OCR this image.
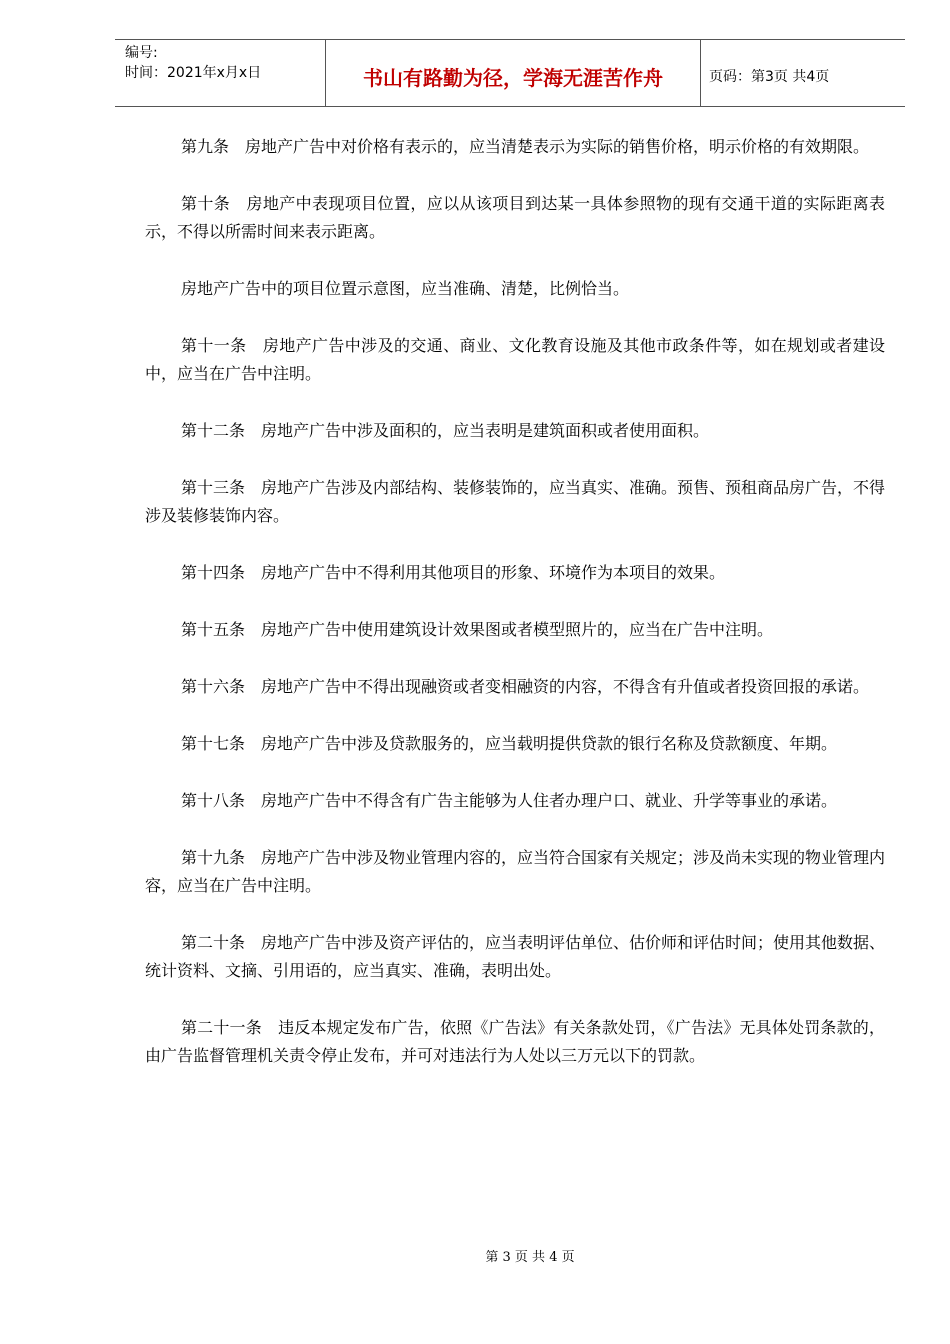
编号:
时间：2021年x月x日	书山有路勤为径，学海无涯苦作舟	页码：第3页 共4页

第九条　房地产广告中对价格有表示的，应当清楚表示为实际的销售价格，明示价格的有效期限。

第十条　房地产中表现项目位置，应以从该项目到达某一具体参照物的现有交通干道的实际距离表示，不得以所需时间来表示距离。

房地产广告中的项目位置示意图，应当准确、清楚，比例恰当。

第十一条　房地产广告中涉及的交通、商业、文化教育设施及其他市政条件等，如在规划或者建设中，应当在广告中注明。

第十二条　房地产广告中涉及面积的，应当表明是建筑面积或者使用面积。

第十三条　房地产广告涉及内部结构、装修装饰的，应当真实、准确。预售、预租商品房广告，不得涉及装修装饰内容。

第十四条　房地产广告中不得利用其他项目的形象、环境作为本项目的效果。

第十五条　房地产广告中使用建筑设计效果图或者模型照片的，应当在广告中注明。

第十六条　房地产广告中不得出现融资或者变相融资的内容，不得含有升值或者投资回报的承诺。

第十七条　房地产广告中涉及贷款服务的，应当载明提供贷款的银行名称及贷款额度、年期。

第十八条　房地产广告中不得含有广告主能够为人住者办理户口、就业、升学等事业的承诺。

第十九条　房地产广告中涉及物业管理内容的，应当符合国家有关规定；涉及尚未实现的物业管理内容，应当在广告中注明。

第二十条　房地产广告中涉及资产评估的，应当表明评估单位、估价师和评估时间；使用其他数据、统计资料、文摘、引用语的，应当真实、准确，表明出处。

第二十一条　违反本规定发布广告，依照《广告法》有关条款处罚，《广告法》无具体处罚条款的，由广告监督管理机关责令停止发布，并可对违法行为人处以三万元以下的罚款。

第 3 页 共 4 页
